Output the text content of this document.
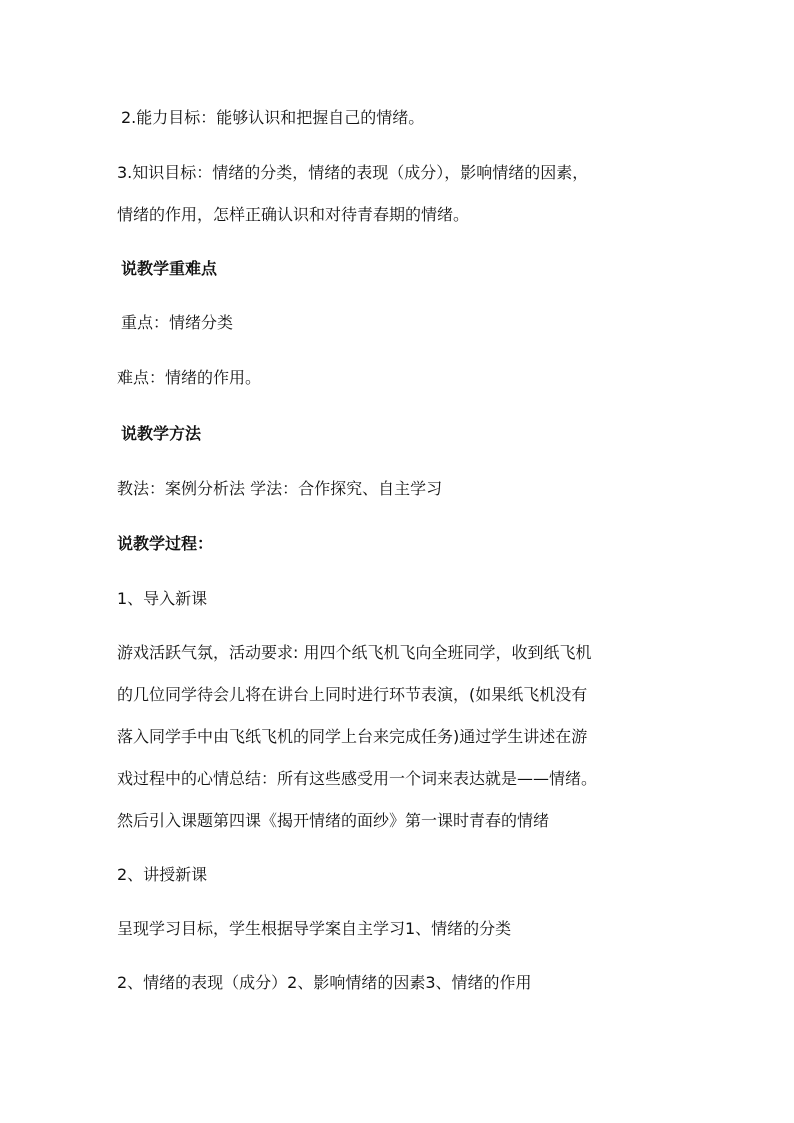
2.能力目标：能够认识和把握自己的情绪。
3.知识目标：情绪的分类，情绪的表现（成分），影响情绪的因素，
情绪的作用，怎样正确认识和对待青春期的情绪。
说教学重难点
重点：情绪分类
难点：情绪的作用。
说教学方法
教法：案例分析法 学法：合作探究、自主学习
说教学过程：
1、导入新课
游戏活跃气氛，活动要求: 用四个纸飞机飞向全班同学，收到纸飞机
的几位同学待会儿将在讲台上同时进行环节表演，(如果纸飞机没有
落入同学手中由飞纸飞机的同学上台来完成任务)通过学生讲述在游
戏过程中的心情总结：所有这些感受用一个词来表达就是——情绪。
然后引入课题第四课《揭开情绪的面纱》第一课时青春的情绪
2、讲授新课
呈现学习目标，学生根据导学案自主学习1、情绪的分类
2、情绪的表现（成分）2、影响情绪的因素3、情绪的作用
